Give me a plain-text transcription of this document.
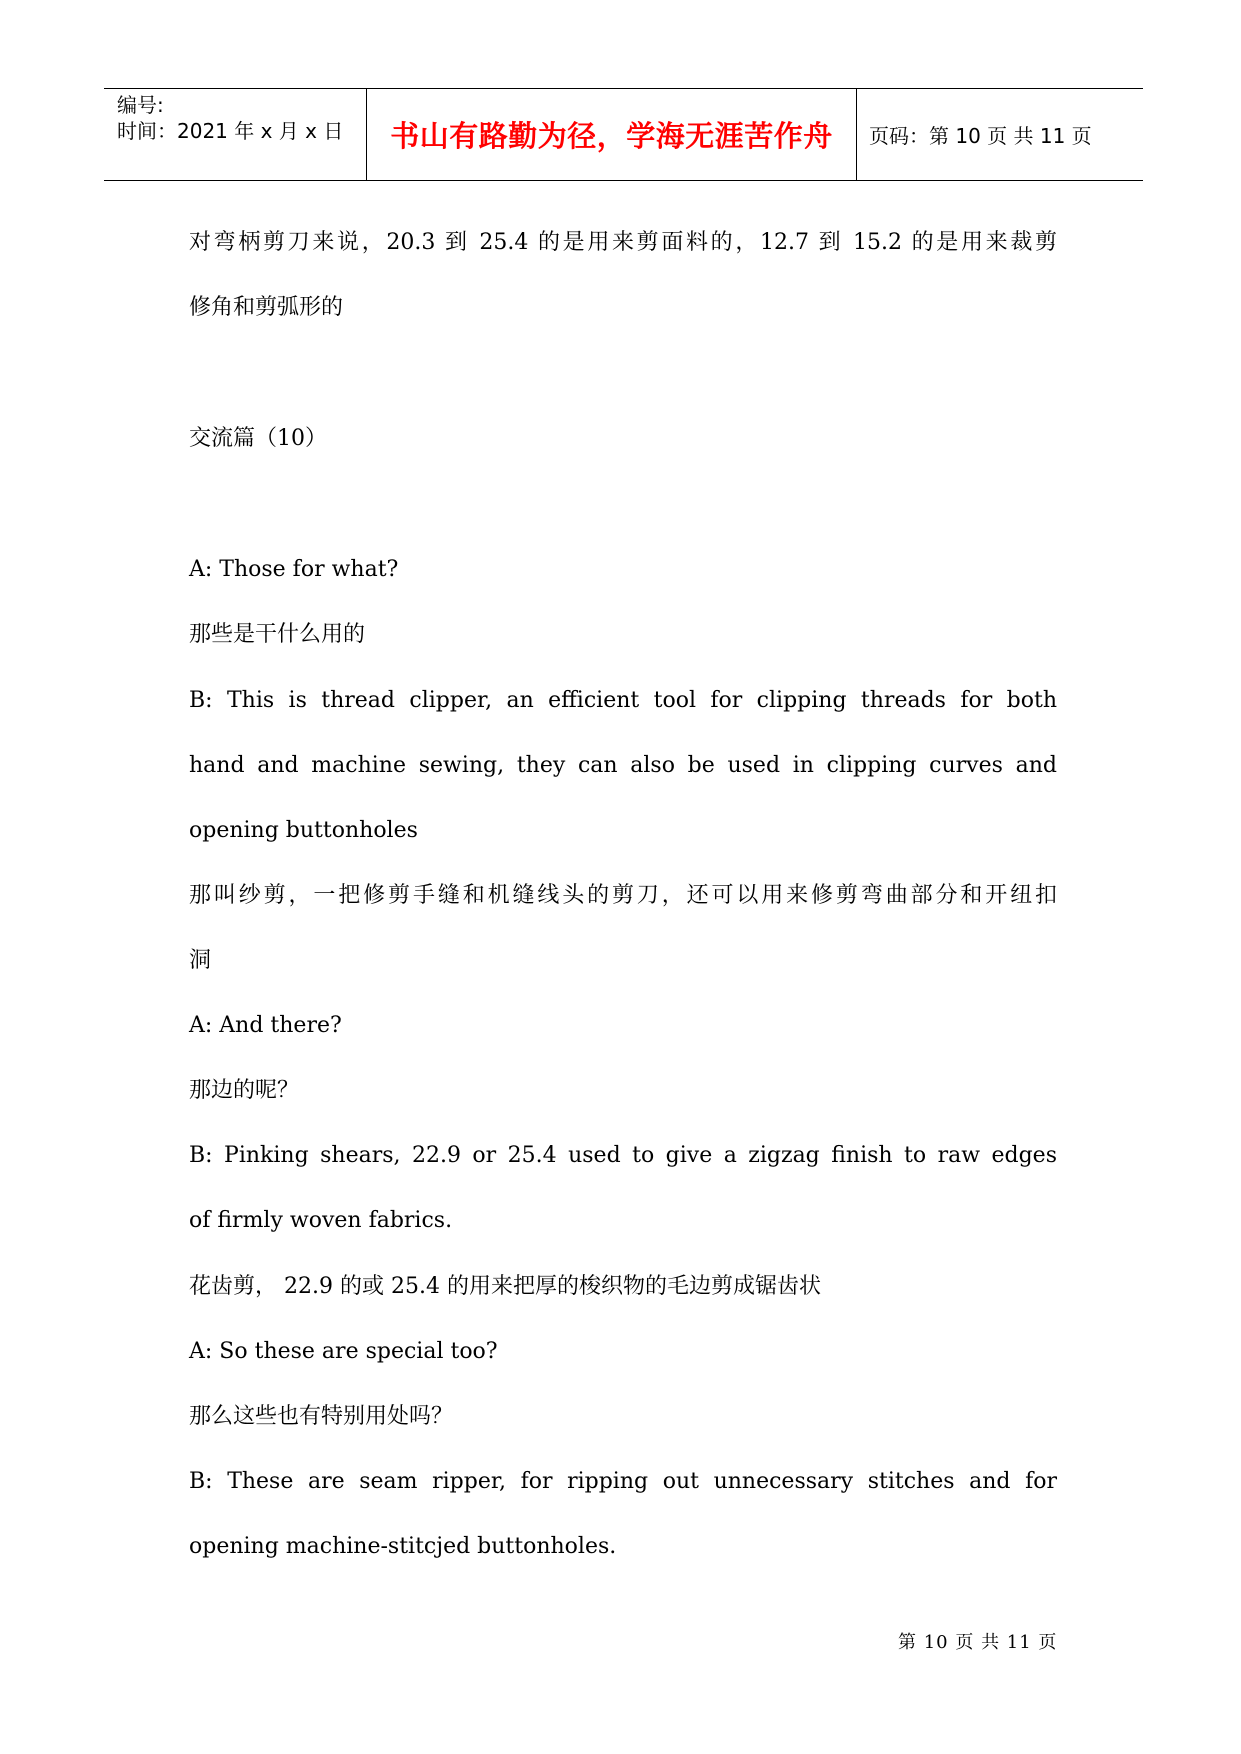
编号:
时间：2021 年 x 月 x 日 书山有路勤为径，学海无涯苦作舟 页码：第 10 页 共 11 页
对弯柄剪刀来说，20.3 到 25.4 的是用来剪面料的，12.7 到 15.2 的是用来裁剪
修角和剪弧形的
交流篇（10）
A: Those for what?
那些是干什么用的
B: This is thread clipper, an efficient tool for clipping threads for both
hand and machine sewing, they can also be used in clipping curves and
opening buttonholes
那叫纱剪，一把修剪手缝和机缝线头的剪刀，还可以用来修剪弯曲部分和开纽扣
洞
A: And there?
那边的呢？
B: Pinking shears, 22.9 or 25.4 used to give a zigzag finish to raw edges
of firmly woven fabrics.
花齿剪， 22.9 的或 25.4 的用来把厚的梭织物的毛边剪成锯齿状
A: So these are special too?
那么这些也有特别用处吗？
B: These are seam ripper, for ripping out unnecessary stitches and for
opening machine-stitcjed buttonholes.
第 10 页 共 11 页
